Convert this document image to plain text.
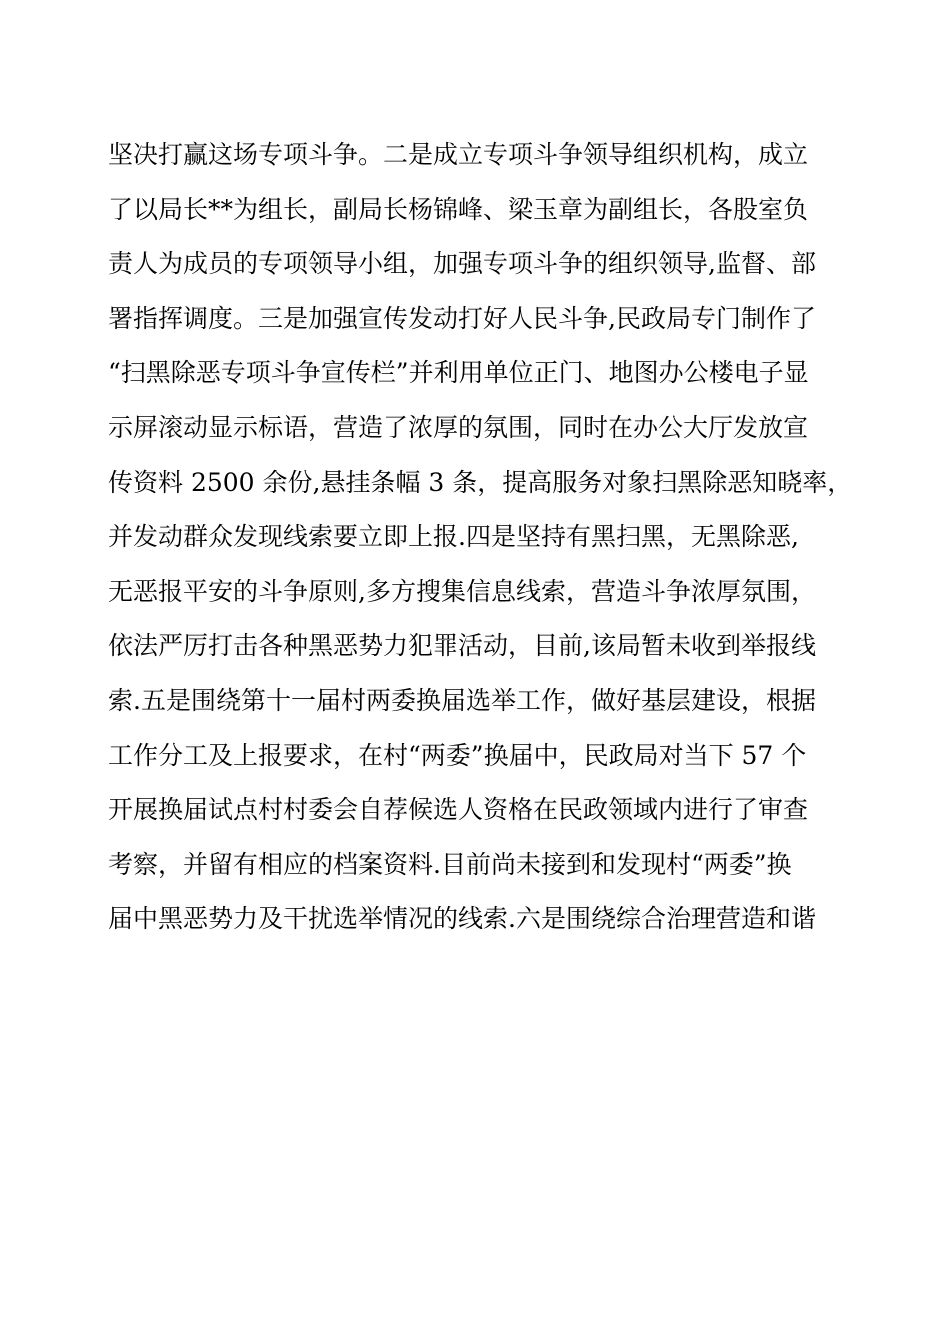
坚决打赢这场专项斗争。二是成立专项斗争领导组织机构，成立
了以局长**为组长，副局长杨锦峰、梁玉章为副组长，各股室负
责人为成员的专项领导小组，加强专项斗争的组织领导,监督、部
署指挥调度。三是加强宣传发动打好人民斗争,民政局专门制作了
“扫黑除恶专项斗争宣传栏”并利用单位正门、地图办公楼电子显
示屏滚动显示标语，营造了浓厚的氛围，同时在办公大厅发放宣
传资料 2500 余份,悬挂条幅 3 条，提高服务对象扫黑除恶知晓率，
并发动群众发现线索要立即上报.四是坚持有黑扫黑，无黑除恶,
无恶报平安的斗争原则,多方搜集信息线索，营造斗争浓厚氛围，
依法严厉打击各种黑恶势力犯罪活动，目前,该局暂未收到举报线
索.五是围绕第十一届村两委换届选举工作，做好基层建设，根据
工作分工及上报要求，在村“两委”换届中，民政局对当下 57 个
开展换届试点村村委会自荐候选人资格在民政领域内进行了审查
考察，并留有相应的档案资料.目前尚未接到和发现村“两委”换
届中黑恶势力及干扰选举情况的线索.六是围绕综合治理营造和谐
